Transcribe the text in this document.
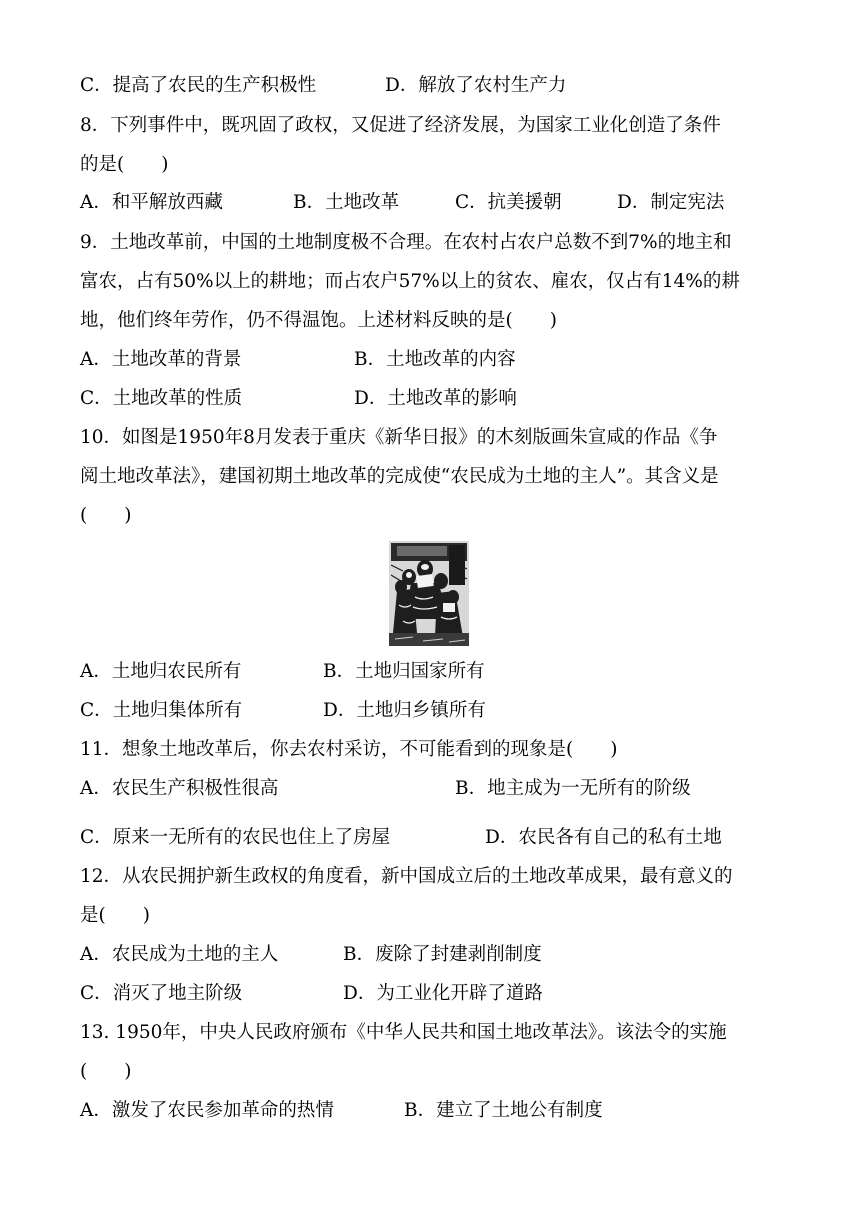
C．提高了农民的生产积极性	D．解放了农村生产力
8．下列事件中，既巩固了政权，又促进了经济发展，为国家工业化创造了条件
的是(　　)
A．和平解放西藏	B．土地改革	C．抗美援朝	D．制定宪法
9．土地改革前，中国的土地制度极不合理。在农村占农户总数不到7%的地主和
富农，占有50%以上的耕地；而占农户57%以上的贫农、雇农，仅占有14%的耕
地，他们终年劳作，仍不得温饱。上述材料反映的是(　　)
A．土地改革的背景	B．土地改革的内容
C．土地改革的性质	D．土地改革的影响
10．如图是1950年8月发表于重庆《新华日报》的木刻版画朱宣咸的作品《争
阅土地改革法》，建国初期土地改革的完成使“农民成为土地的主人”。其含义是
(　　)
A．土地归农民所有	B．土地归国家所有
C．土地归集体所有	D．土地归乡镇所有
11．想象土地改革后，你去农村采访，不可能看到的现象是(　　)
A．农民生产积极性很高	B．地主成为一无所有的阶级
C．原来一无所有的农民也住上了房屋	D．农民各有自己的私有土地
12．从农民拥护新生政权的角度看，新中国成立后的土地改革成果，最有意义的
是(　　)
A．农民成为土地的主人	B．废除了封建剥削制度
C．消灭了地主阶级	D．为工业化开辟了道路
13. 1950年，中央人民政府颁布《中华人民共和国土地改革法》。该法令的实施
(　　)
A．激发了农民参加革命的热情	B．建立了土地公有制度
